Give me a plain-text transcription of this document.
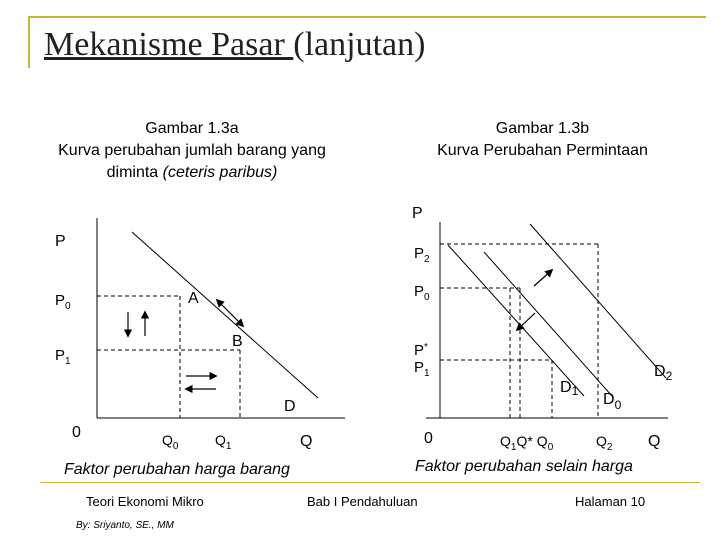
Mekanisme Pasar (lanjutan)
Gambar 1.3a
Kurva perubahan jumlah barang yang
diminta (ceteris paribus)
Gambar 1.3b
Kurva Perubahan Permintaan
P
$P_0$
$P_1$
A
B
D
0	$Q_0$	$Q_1$	Q
Faktor perubahan harga barang
P
$P_2$
$P_0$
P*
$P_1$
D1 $D_0$
$D_2$
0	$Q_1Q*$ $Q_0$	$Q_2$ Q
Faktor perubahan selain harga
Teori Ekonomi Mikro
By: Sriyanto, SE., MM
Bab I Pendahuluan	Halaman 10
